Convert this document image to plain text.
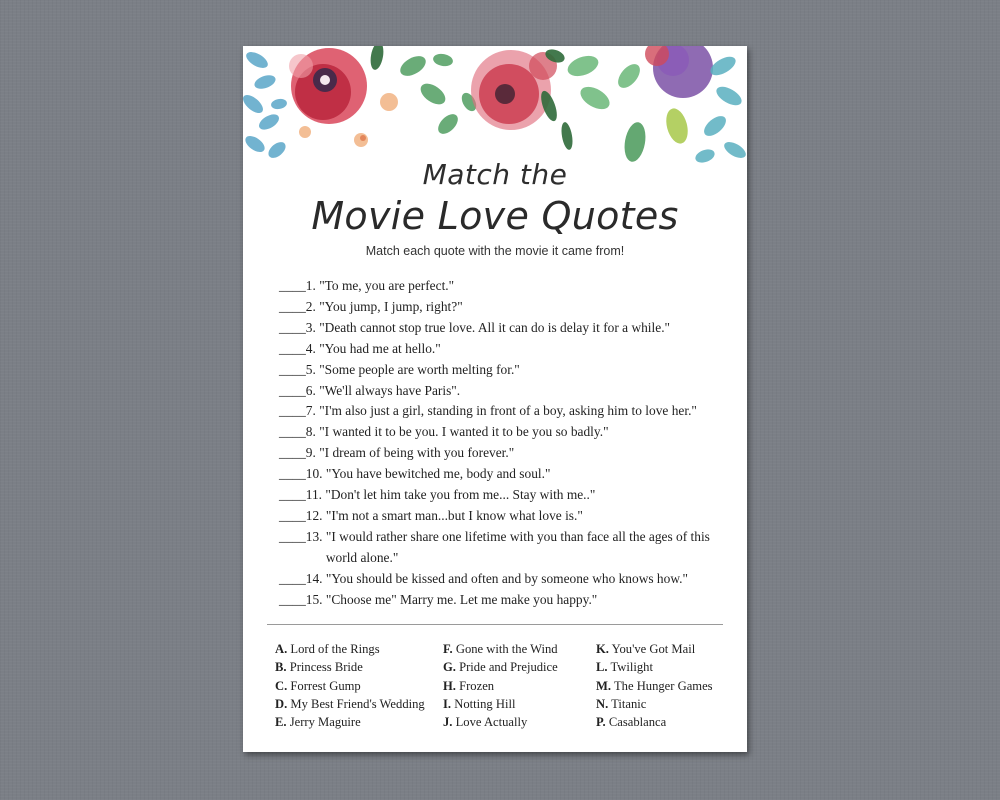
Match the
Movie Love Quotes
Match each quote with the movie it came from!
____ 1.
"To me, you are perfect."
____ 2.
"You jump, I jump, right?"
____ 3.
"Death cannot stop true love. All it can do is delay it for a while."
____ 4.
"You had me at hello."
____ 5.
"Some people are worth melting for."
____ 6.
"We'll always have Paris".
____ 7.
"I'm also just a girl, standing in front of a boy, asking him to love her."
____ 8.
"I wanted it to be you. I wanted it to be you so badly."
____ 9.
"I dream of being with you forever."
____ 10.
"You have bewitched me, body and soul."
____ 11.
"Don't let him take you from me... Stay with me.."
____ 12.
"I'm not a smart man...but I know what love is."
____ 13.
"I would rather share one lifetime with you than face all the ages of this world alone."
____ 14.
"You should be kissed and often and by someone who knows how."
____ 15.
"Choose me" Marry me. Let me make you happy."
A. Lord of the Rings
B. Princess Bride
C. Forrest Gump
D. My Best Friend's Wedding
E. Jerry Maguire
F. Gone with the Wind
G. Pride and Prejudice
H. Frozen
I. Notting Hill
J. Love Actually
K. You've Got Mail
L. Twilight
M. The Hunger Games
N. Titanic
P. Casablanca
